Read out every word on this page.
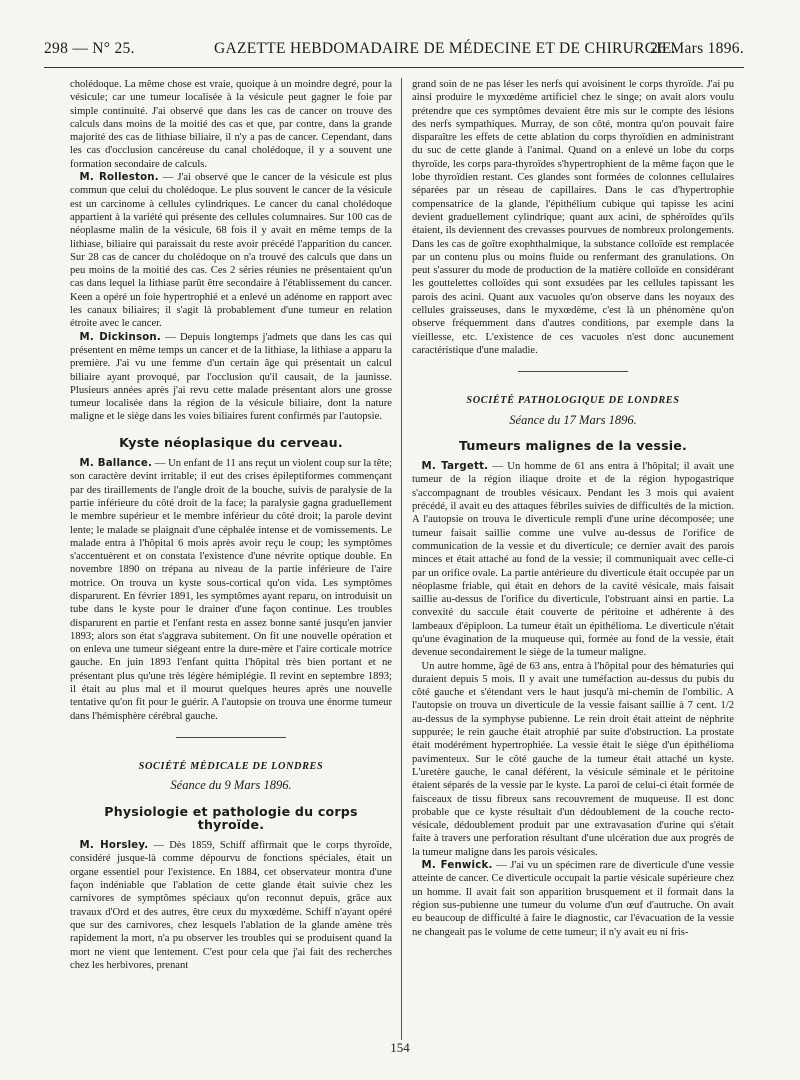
298 — N° 25.	GAZETTE HEBDOMADAIRE DE MÉDECINE ET DE CHIRURGIE.
26 Mars 1896.

cholédoque. La même chose est vraie, quoique à un moindre degré, pour la vésicule; car une tumeur localisée à la vésicule peut gagner le foie par simple continuité. J'ai observé que dans les cas de cancer on trouve des calculs dans moins de la moitié des cas et que, par contre, dans la grande majorité des cas de lithiase biliaire, il n'y a pas de cancer. Cependant, dans les cas d'occlusion cancéreuse du canal cholédoque, il y a souvent une formation secondaire de calculs.

M. Rolleston. — J'ai observé que le cancer de la vésicule est plus commun que celui du cholédoque. Le plus souvent le cancer de la vésicule est un carcinome à cellules cylindriques. Le cancer du canal cholédoque appartient à la variété qui présente des cellules columnaires. Sur 100 cas de néoplasme malin de la vésicule, 68 fois il y avait en même temps de la lithiase, biliaire qui paraissait du reste avoir précédé l'apparition du cancer. Sur 28 cas de cancer du cholédoque on n'a trouvé des calculs que dans un peu moins de la moitié des cas. Ces 2 séries réunies ne présentaient qu'un cas dans lequel la lithiase parût être secondaire à l'établissement du cancer. Keen a opéré un foie hypertrophié et a enlevé un adénome en rapport avec les canaux biliaires; il s'agit là probablement d'une tumeur en relation étroite avec le cancer.

M. Dickinson. — Depuis longtemps j'admets que dans les cas qui présentent en même temps un cancer et de la lithiase, la lithiase a apparu la première. J'ai vu une femme d'un certain âge qui présentait un calcul biliaire ayant provoqué, par l'occlusion qu'il causait, de la jaunisse. Plusieurs années après j'ai revu cette malade présentant alors une grosse tumeur localisée dans la région de la vésicule biliaire, dont la nature maligne et le siège dans les voies biliaires furent confirmés par l'autopsie.

Kyste néoplasique du cerveau.

M. Ballance. — Un enfant de 11 ans reçut un violent coup sur la tête; son caractère devint irritable; il eut des crises épileptiformes commençant par des tiraillements de l'angle droit de la bouche, suivis de paralysie de la partie inférieure du côté droit de la face; la paralysie gagna graduellement le membre supérieur et le membre inférieur du côté droit; la parole devint lente; le malade se plaignait d'une céphalée intense et de vomissements. Le malade entra à l'hôpital 6 mois après avoir reçu le coup; les symptômes s'accentuèrent et on constata l'existence d'une névrite optique double. En novembre 1890 on trépana au niveau de la partie inférieure de l'aire motrice. On trouva un kyste sous-cortical qu'on vida. Les symptômes disparurent. En février 1891, les symptômes ayant reparu, on introduisit un tube dans le kyste pour le drainer d'une façon continue. Les troubles disparurent en partie et l'enfant resta en assez bonne santé jusqu'en janvier 1893; alors son état s'aggrava subitement. On fit une nouvelle opération et on enleva une tumeur siégeant entre la dure-mère et l'aire corticale motrice gauche. En juin 1893 l'enfant quitta l'hôpital très bien portant et ne présentant plus qu'une très légère hémiplégie. Il revint en septembre 1893; il était au plus mal et il mourut quelques heures après une nouvelle tentative qu'on fit pour le guérir. A l'autopsie on trouva une énorme tumeur dans l'hémisphère cérébral gauche.

SOCIÉTÉ MÉDICALE DE LONDRES
Séance du 9 Mars 1896.
Physiologie et pathologie du corps thyroïde.

M. Horsley. — Dès 1859, Schiff affirmait que le corps thyroïde, considéré jusque-là comme dépourvu de fonctions spéciales, était un organe essentiel pour l'existence. En 1884, cet observateur montra d'une façon indéniable que l'ablation de cette glande était suivie chez les carnivores de symptômes spéciaux qu'on reconnut depuis, grâce aux travaux d'Ord et des autres, être ceux du myxœdème. Schiff n'ayant opéré que sur des carnivores, chez lesquels l'ablation de la glande amène très rapidement la mort, n'a pu observer les troubles qui se produisent quand la mort ne vient que lentement. C'est pour cela que j'ai fait des recherches chez les herbivores, prenant

grand soin de ne pas léser les nerfs qui avoisinent le corps thyroïde. J'ai pu ainsi produire le myxœdème artificiel chez le singe; on avait alors voulu prétendre que ces symptômes devaient être mis sur le compte des lésions des nerfs sympathiques. Murray, de son côté, montra qu'on pouvait faire disparaître les effets de cette ablation du corps thyroïdien en administrant du suc de cette glande à l'animal. Quand on a enlevé un lobe du corps thyroïde, les corps para-thyroïdes s'hypertrophient de la même façon que le lobe thyroïdien restant. Ces glandes sont formées de colonnes cellulaires séparées par un réseau de capillaires. Dans le cas d'hypertrophie compensatrice de la glande, l'épithélium cubique qui tapisse les acini devient graduellement cylindrique; quant aux acini, de sphéroïdes qu'ils étaient, ils deviennent des crevasses pourvues de nombreux prolongements. Dans les cas de goître exophthalmique, la substance colloïde est remplacée par un contenu plus ou moins fluide ou renfermant des granulations. On peut s'assurer du mode de production de la matière colloïde en considérant les gouttelettes colloïdes qui sont exsudées par les cellules tapissant les parois des acini. Quant aux vacuoles qu'on observe dans les noyaux des cellules graisseuses, dans le myxœdème, c'est là un phénomène qu'on observe fréquemment dans d'autres conditions, par exemple dans la vieillesse, etc. L'existence de ces vacuoles n'est donc aucunement caractéristique d'une maladie.

SOCIÉTÉ PATHOLOGIQUE DE LONDRES
Séance du 17 Mars 1896.
Tumeurs malignes de la vessie.

M. Targett. — Un homme de 61 ans entra à l'hôpital; il avait une tumeur de la région iliaque droite et de la région hypogastrique s'accompagnant de troubles vésicaux. Pendant les 3 mois qui avaient précédé, il avait eu des attaques fébriles suivies de difficultés de la miction. A l'autopsie on trouva le diverticule rempli d'une urine décomposée; une tumeur faisait saillie comme une vulve au-dessus de l'orifice de communication de la vessie et du diverticule; ce dernier avait des parois minces et était attaché au fond de la vessie; il communiquait avec celle-ci par un orifice ovale. La partie antérieure du diverticule était occupée par un néoplasme friable, qui était en dehors de la cavité vésicale, mais faisait saillie au-dessus de l'orifice du diverticule, l'obstruant ainsi en partie. La convexité du saccule était couverte de péritoine et adhérente à des lambeaux d'épiploon. La tumeur était un épithélioma. Le diverticule n'était qu'une évagination de la muqueuse qui, formée au fond de la vessie, était devenue secondairement le siège de la tumeur maligne.

Un autre homme, âgé de 63 ans, entra à l'hôpital pour des hématuries qui duraient depuis 5 mois. Il y avait une tuméfaction au-dessus du pubis du côté gauche et s'étendant vers le haut jusqu'à mi-chemin de l'ombilic. A l'autopsie on trouva un diverticule de la vessie faisant saillie à 7 cent. 1/2 au-dessus de la symphyse pubienne. Le rein droit était atteint de néphrite suppurée; le rein gauche était atrophié par suite d'obstruction. La prostate était modérément hypertrophiée. La vessie était le siège d'un épithélioma pavimenteux. Sur le côté gauche de la tumeur était attaché un kyste. L'uretère gauche, le canal déférent, la vésicule séminale et le péritoine étaient séparés de la vessie par le kyste. La paroi de celui-ci était formée de faisceaux de tissu fibreux sans recouvrement de muqueuse. Il est donc probable que ce kyste résultait d'un dédoublement de la couche recto-vésicale, dédoublement produit par une extravasation d'urine qui s'était faite à travers une perforation résultant d'une ulcération due aux progrès de la tumeur maligne dans les parois vésicales.

M. Fenwick. — J'ai vu un spécimen rare de diverticule d'une vessie atteinte de cancer. Ce diverticule occupait la partie vésicale supérieure chez un homme. Il avait fait son apparition brusquement et il formait dans la région sus-pubienne une tumeur du volume d'un œuf d'autruche. On avait eu beaucoup de difficulté à faire le diagnostic, car l'évacuation de la vessie ne changeait pas le volume de cette tumeur; il n'y avait eu ni fris-

154
